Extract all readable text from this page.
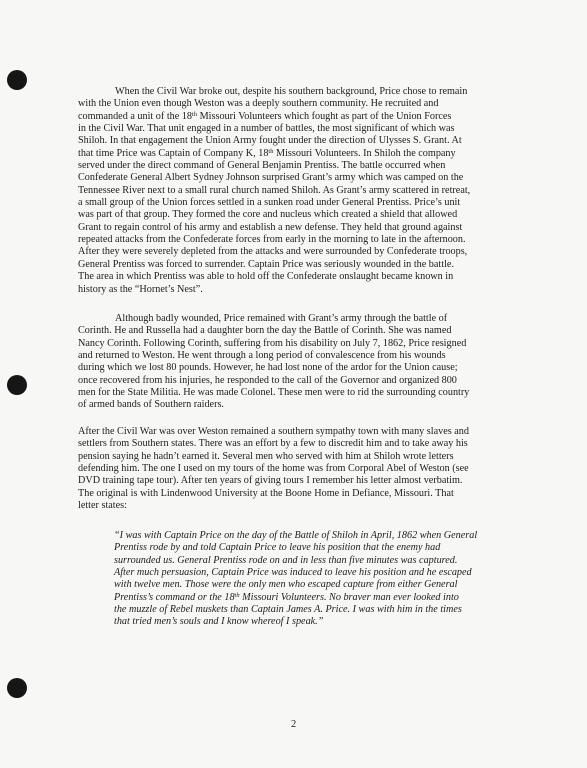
When the Civil War broke out, despite his southern background, Price chose to remain
with the Union even though Weston was a deeply southern community. He recruited and
commanded a unit of the 18th Missouri Volunteers which fought as part of the Union Forces
in the Civil War. That unit engaged in a number of battles, the most significant of which was
Shiloh. In that engagement the Union Army fought under the direction of Ulysses S. Grant. At
that time Price was Captain of Company K, 18th Missouri Volunteers. In Shiloh the company
served under the direct command of General Benjamin Prentiss. The battle occurred when
Confederate General Albert Sydney Johnson surprised Grant’s army which was camped on the
Tennessee River next to a small rural church named Shiloh. As Grant’s army scattered in retreat,
a small group of the Union forces settled in a sunken road under General Prentiss. Price’s unit
was part of that group. They formed the core and nucleus which created a shield that allowed
Grant to regain control of his army and establish a new defense. They held that ground against
repeated attacks from the Confederate forces from early in the morning to late in the afternoon.
After they were severely depleted from the attacks and were surrounded by Confederate troops,
General Prentiss was forced to surrender. Captain Price was seriously wounded in the battle.
The area in which Prentiss was able to hold off the Confederate onslaught became known in
history as the “Hornet’s Nest”.
Although badly wounded, Price remained with Grant’s army through the battle of
Corinth. He and Russella had a daughter born the day the Battle of Corinth. She was named
Nancy Corinth. Following Corinth, suffering from his disability on July 7, 1862, Price resigned
and returned to Weston. He went through a long period of convalescence from his wounds
during which we lost 80 pounds. However, he had lost none of the ardor for the Union cause;
once recovered from his injuries, he responded to the call of the Governor and organized 800
men for the State Militia. He was made Colonel. These men were to rid the surrounding country
of armed bands of Southern raiders.
After the Civil War was over Weston remained a southern sympathy town with many slaves and
settlers from Southern states. There was an effort by a few to discredit him and to take away his
pension saying he hadn’t earned it. Several men who served with him at Shiloh wrote letters
defending him. The one I used on my tours of the home was from Corporal Abel of Weston (see
DVD training tape tour). After ten years of giving tours I remember his letter almost verbatim.
The original is with Lindenwood University at the Boone Home in Defiance, Missouri. That
letter states:
“I was with Captain Price on the day of the Battle of Shiloh in April, 1862 when General
Prentiss rode by and told Captain Price to leave his position that the enemy had
surrounded us. General Prentiss rode on and in less than five minutes was captured.
After much persuasion, Captain Price was induced to leave his position and he escaped
with twelve men. Those were the only men who escaped capture from either General
Prentiss’s command or the 18th Missouri Volunteers. No braver man ever looked into
the muzzle of Rebel muskets than Captain James A. Price. I was with him in the times
that tried men’s souls and I know whereof I speak.”
2
